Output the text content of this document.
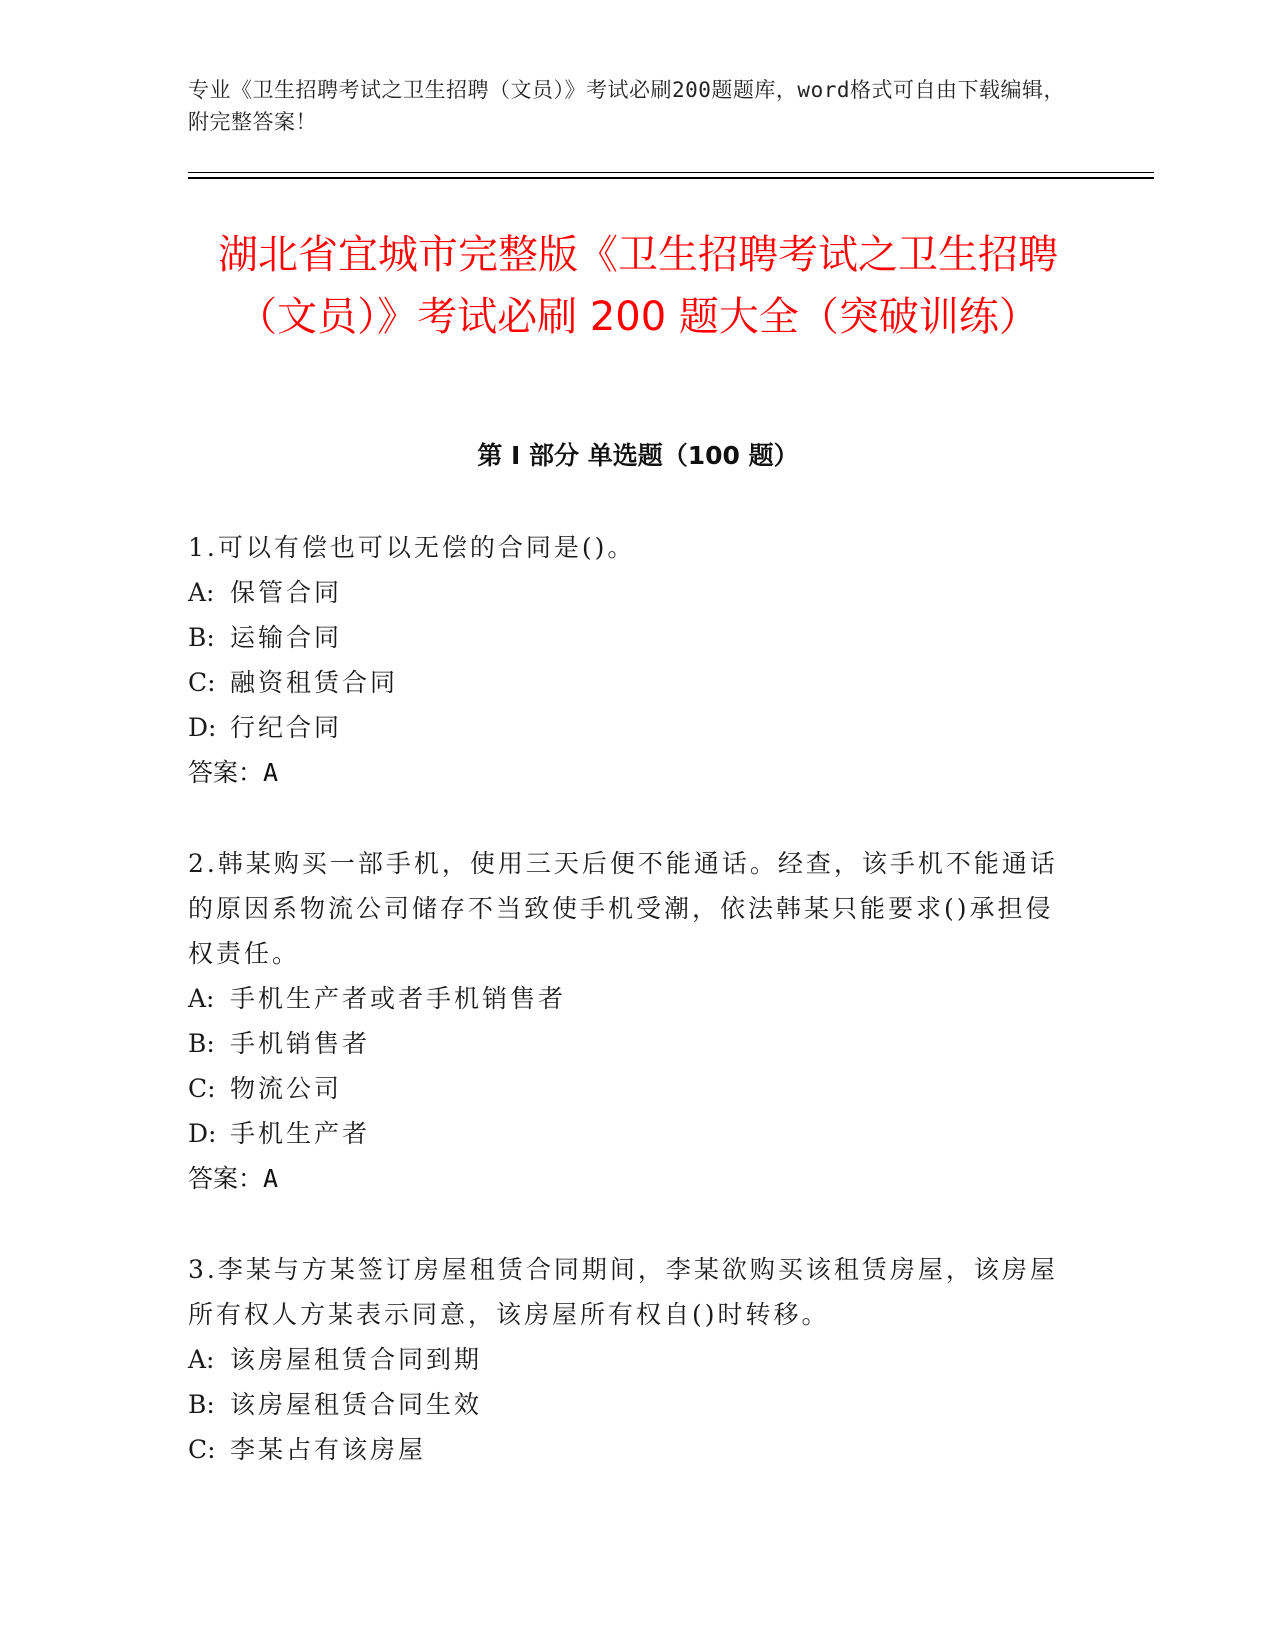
专业《卫生招聘考试之卫生招聘（文员）》考试必刷200题题库，word格式可自由下载编辑，附完整答案！
湖北省宜城市完整版《卫生招聘考试之卫生招聘（文员）》考试必刷 200 题大全（突破训练）
第 I 部分 单选题（100 题）
1.可以有偿也可以无偿的合同是()。
A: 保管合同
B: 运输合同
C: 融资租赁合同
D: 行纪合同
答案：A
2.韩某购买一部手机，使用三天后便不能通话。经查，该手机不能通话的原因系物流公司储存不当致使手机受潮，依法韩某只能要求()承担侵权责任。
A: 手机生产者或者手机销售者
B: 手机销售者
C: 物流公司
D: 手机生产者
答案：A
3.李某与方某签订房屋租赁合同期间，李某欲购买该租赁房屋，该房屋所有权人方某表示同意，该房屋所有权自()时转移。
A: 该房屋租赁合同到期
B: 该房屋租赁合同生效
C: 李某占有该房屋
